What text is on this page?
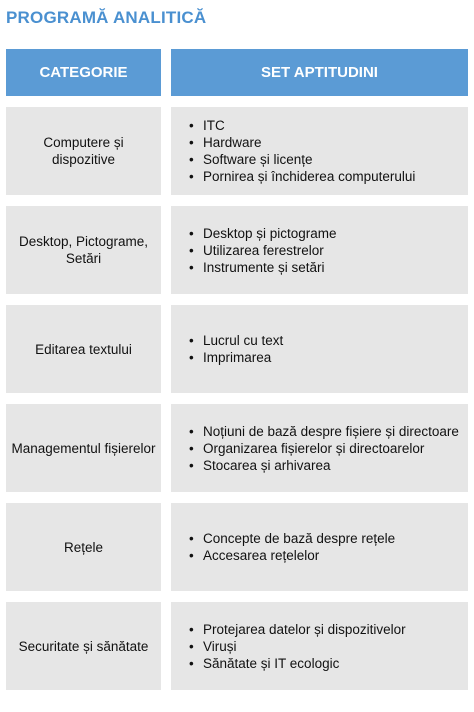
PROGRAMĂ ANALITICĂ
CATEGORIE	SET APTITUDINI
Computere și dispozitive
• ITC
• Hardware
• Software și licențe
• Pornirea și închiderea computerului
Desktop, Pictograme, Setări
• Desktop și pictograme
• Utilizarea ferestrelor
• Instrumente și setări
Editarea textului
• Lucrul cu text
• Imprimarea
Managementul fișierelor
• Noțiuni de bază despre fișiere și directoare
• Organizarea fișierelor și directoarelor
• Stocarea și arhivarea
Rețele
• Concepte de bază despre rețele
• Accesarea rețelelor
Securitate și sănătate
• Protejarea datelor și dispozitivelor
• Viruși
• Sănătate și IT ecologic
